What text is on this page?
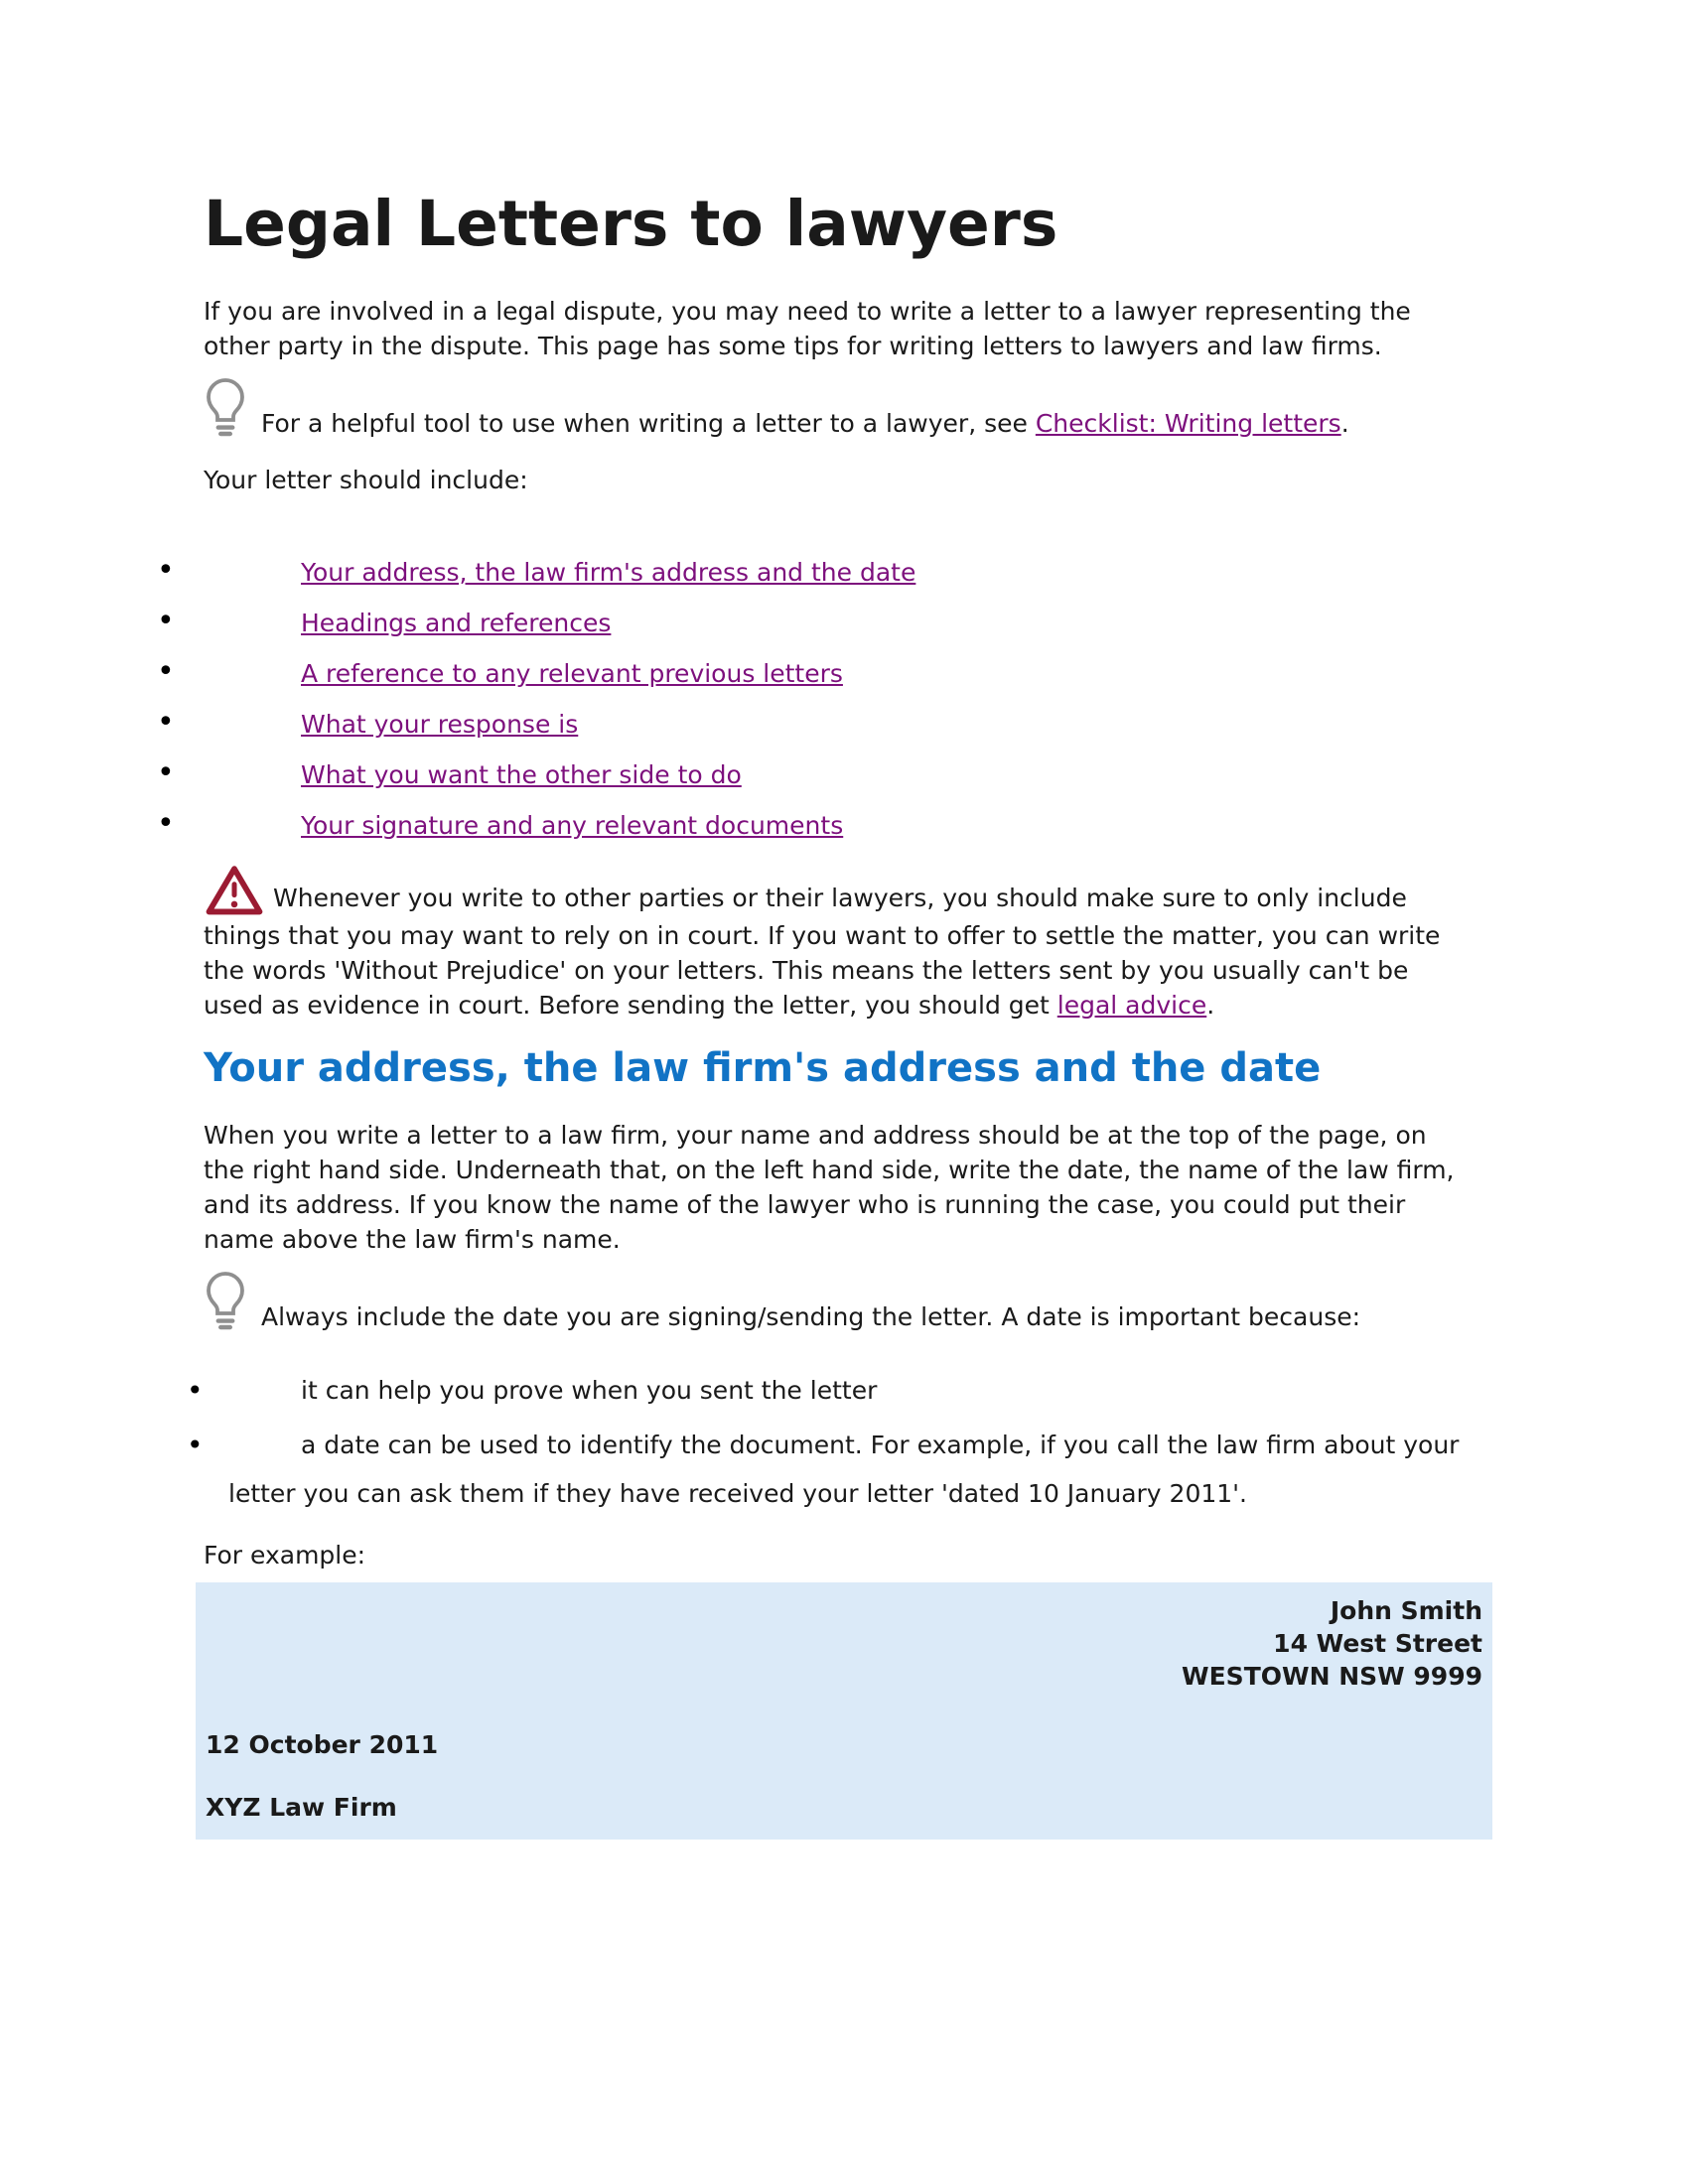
Legal Letters to lawyers

If you are involved in a legal dispute, you may need to write a letter to a lawyer representing the other party in the dispute. This page has some tips for writing letters to lawyers and law firms.

For a helpful tool to use when writing a letter to a lawyer, see Checklist: Writing letters.

Your letter should include:

• Your address, the law firm's address and the date
• Headings and references
• A reference to any relevant previous letters
• What your response is
• What you want the other side to do
• Your signature and any relevant documents

Whenever you write to other parties or their lawyers, you should make sure to only include things that you may want to rely on in court. If you want to offer to settle the matter, you can write the words 'Without Prejudice' on your letters. This means the letters sent by you usually can't be used as evidence in court. Before sending the letter, you should get legal advice.

Your address, the law firm's address and the date

When you write a letter to a law firm, your name and address should be at the top of the page, on the right hand side. Underneath that, on the left hand side, write the date, the name of the law firm, and its address. If you know the name of the lawyer who is running the case, you could put their name above the law firm's name.

Always include the date you are signing/sending the letter. A date is important because:

• it can help you prove when you sent the letter
• a date can be used to identify the document. For example, if you call the law firm about your letter you can ask them if they have received your letter 'dated 10 January 2011'.

For example:

John Smith
14 West Street
WESTOWN NSW 9999
12 October 2011
XYZ Law Firm
